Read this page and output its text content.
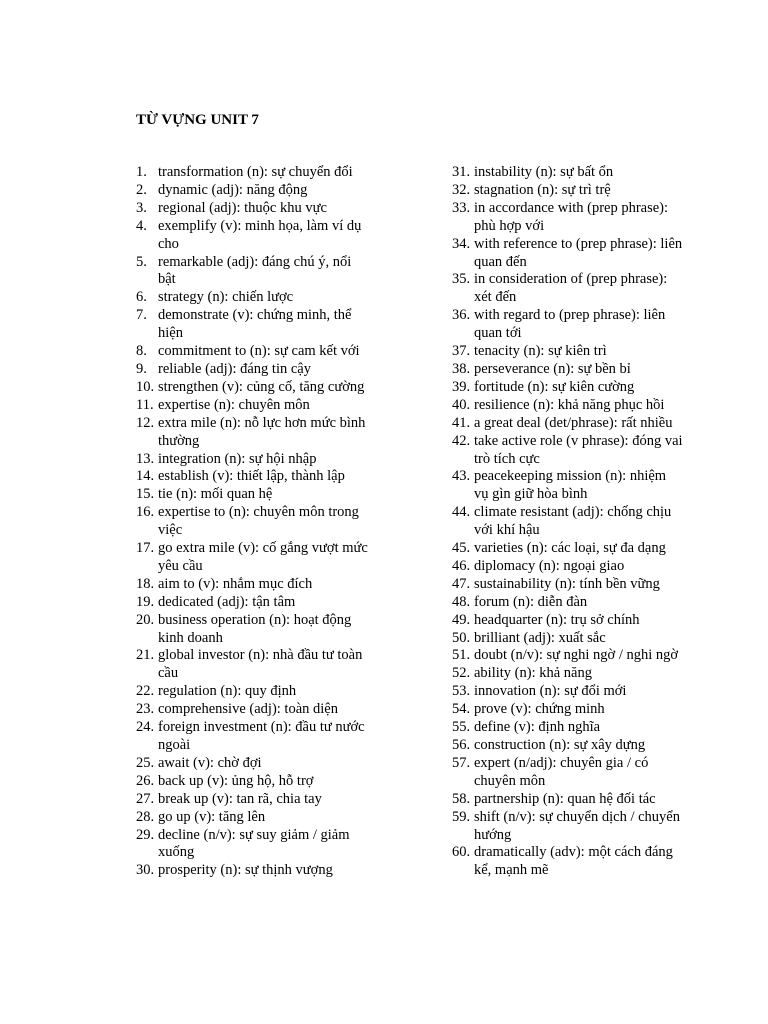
TỪ VỰNG UNIT 7
1. transformation (n): sự chuyển đổi
2. dynamic (adj): năng động
3. regional (adj): thuộc khu vực
4. exemplify (v): minh họa, làm ví dụ cho
5. remarkable (adj): đáng chú ý, nổi bật
6. strategy (n): chiến lược
7. demonstrate (v): chứng minh, thể hiện
8. commitment to (n): sự cam kết với
9. reliable (adj): đáng tin cậy
10. strengthen (v): củng cố, tăng cường
11. expertise (n): chuyên môn
12. extra mile (n): nỗ lực hơn mức bình thường
13. integration (n): sự hội nhập
14. establish (v): thiết lập, thành lập
15. tie (n): mối quan hệ
16. expertise to (n): chuyên môn trong việc
17. go extra mile (v): cố gắng vượt mức yêu cầu
18. aim to (v): nhắm mục đích
19. dedicated (adj): tận tâm
20. business operation (n): hoạt động kinh doanh
21. global investor (n): nhà đầu tư toàn cầu
22. regulation (n): quy định
23. comprehensive (adj): toàn diện
24. foreign investment (n): đầu tư nước ngoài
25. await (v): chờ đợi
26. back up (v): ủng hộ, hỗ trợ
27. break up (v): tan rã, chia tay
28. go up (v): tăng lên
29. decline (n/v): sự suy giảm / giảm xuống
30. prosperity (n): sự thịnh vượng
31. instability (n): sự bất ổn
32. stagnation (n): sự trì trệ
33. in accordance with (prep phrase): phù hợp với
34. with reference to (prep phrase): liên quan đến
35. in consideration of (prep phrase): xét đến
36. with regard to (prep phrase): liên quan tới
37. tenacity (n): sự kiên trì
38. perseverance (n): sự bền bỉ
39. fortitude (n): sự kiên cường
40. resilience (n): khả năng phục hồi
41. a great deal (det/phrase): rất nhiều
42. take active role (v phrase): đóng vai trò tích cực
43. peacekeeping mission (n): nhiệm vụ gìn giữ hòa bình
44. climate resistant (adj): chống chịu với khí hậu
45. varieties (n): các loại, sự đa dạng
46. diplomacy (n): ngoại giao
47. sustainability (n): tính bền vững
48. forum (n): diễn đàn
49. headquarter (n): trụ sở chính
50. brilliant (adj): xuất sắc
51. doubt (n/v): sự nghi ngờ / nghi ngờ
52. ability (n): khả năng
53. innovation (n): sự đổi mới
54. prove (v): chứng minh
55. define (v): định nghĩa
56. construction (n): sự xây dựng
57. expert (n/adj): chuyên gia / có chuyên môn
58. partnership (n): quan hệ đối tác
59. shift (n/v): sự chuyển dịch / chuyển hướng
60. dramatically (adv): một cách đáng kể, mạnh mẽ
